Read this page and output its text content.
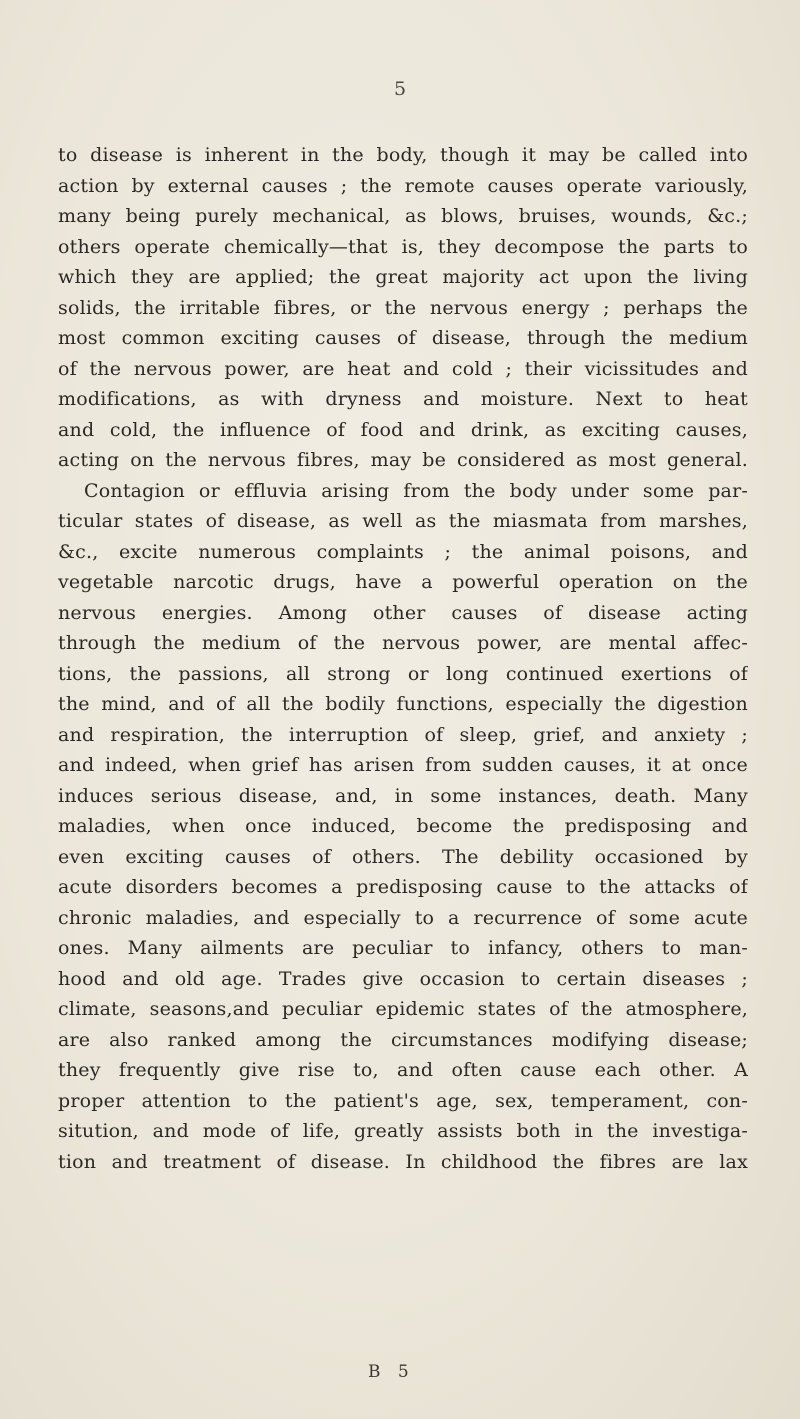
5
to disease is inherent in the body, though it may be called into
action by external causes ; the remote causes operate variously,
many being purely mechanical, as blows, bruises, wounds, &c.;
others operate chemically—that is, they decompose the parts to
which they are applied; the great majority act upon the living
solids, the irritable fibres, or the nervous energy ; perhaps the
most common exciting causes of disease, through the medium
of the nervous power, are heat and cold ; their vicissitudes and
modifications, as with dryness and moisture. Next to heat
and cold, the influence of food and drink, as exciting causes,
acting on the nervous fibres, may be considered as most general.
Contagion or effluvia arising from the body under some par-
ticular states of disease, as well as the miasmata from marshes,
&c., excite numerous complaints ; the animal poisons, and
vegetable narcotic drugs, have a powerful operation on the
nervous energies. Among other causes of disease acting
through the medium of the nervous power, are mental affec-
tions, the passions, all strong or long continued exertions of
the mind, and of all the bodily functions, especially the digestion
and respiration, the interruption of sleep, grief, and anxiety ;
and indeed, when grief has arisen from sudden causes, it at once
induces serious disease, and, in some instances, death. Many
maladies, when once induced, become the predisposing and
even exciting causes of others. The debility occasioned by
acute disorders becomes a predisposing cause to the attacks of
chronic maladies, and especially to a recurrence of some acute
ones. Many ailments are peculiar to infancy, others to man-
hood and old age. Trades give occasion to certain diseases ;
climate, seasons,and peculiar epidemic states of the atmosphere,
are also ranked among the circumstances modifying disease;
they frequently give rise to, and often cause each other. A
proper attention to the patient's age, sex, temperament, con-
sitution, and mode of life, greatly assists both in the investiga-
tion and treatment of disease. In childhood the fibres are lax
B 5
